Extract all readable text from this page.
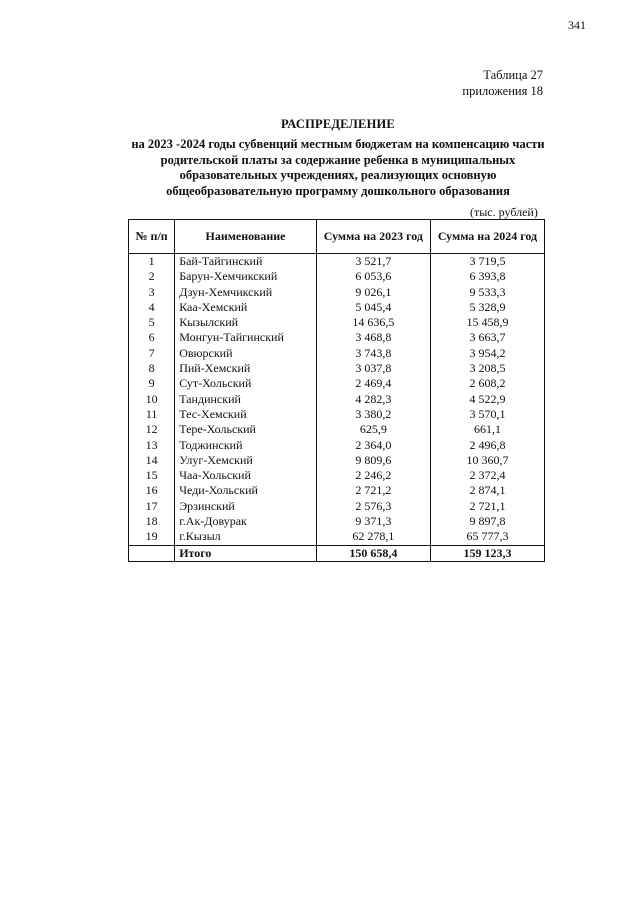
341
Таблица 27
приложения 18
РАСПРЕДЕЛЕНИЕ
на 2023 -2024 годы субвенций местным бюджетам на компенсацию части
родительской платы за содержание ребенка в муниципальных
образовательных учреждениях, реализующих основную
общеобразовательную программу дошкольного образования
(тыс. рублей)
№ п/п	Наименование	Сумма на 2023 год	Сумма на 2024 год
1	Бай-Тайгинский	3 521,7	3 719,5
2	Барун-Хемчикский	6 053,6	6 393,8
3	Дзун-Хемчикский	9 026,1	9 533,3
4	Каа-Хемский	5 045,4	5 328,9
5	Кызылский	14 636,5	15 458,9
6	Монгун-Тайгинский	3 468,8	3 663,7
7	Овюрский	3 743,8	3 954,2
8	Пий-Хемский	3 037,8	3 208,5
9	Сут-Хольский	2 469,4	2 608,2
10	Тандинский	4 282,3	4 522,9
11	Тес-Хемский	3 380,2	3 570,1
12	Тере-Хольский	625,9	661,1
13	Тоджинский	2 364,0	2 496,8
14	Улуг-Хемский	9 809,6	10 360,7
15	Чаа-Хольский	2 246,2	2 372,4
16	Чеди-Хольский	2 721,2	2 874,1
17	Эрзинский	2 576,3	2 721,1
18	г.Ак-Довурак	9 371,3	9 897,8
19	г.Кызыл	62 278,1	65 777,3
	Итого	150 658,4	159 123,3
